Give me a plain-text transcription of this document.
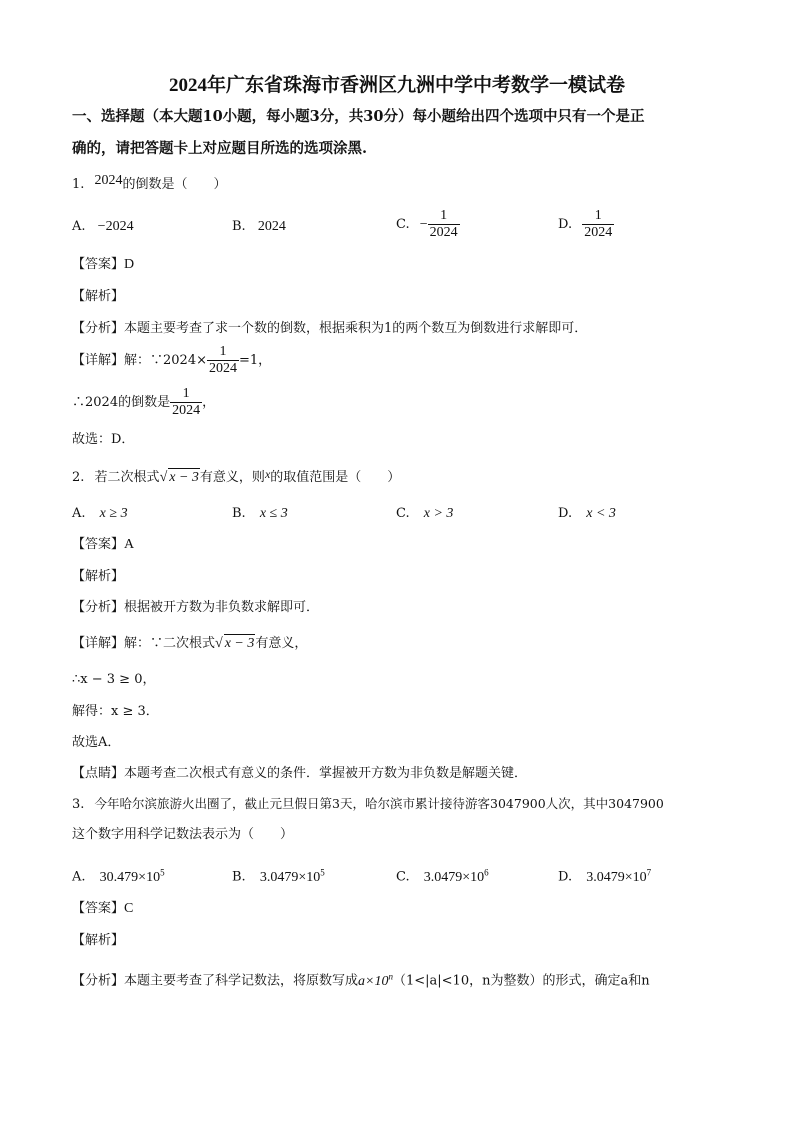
2024年广东省珠海市香洲区九洲中学中考数学一模试卷
一、选择题（本大题10小题，每小题3分，共30分）每小题给出四个选项中只有一个是正
确的，请把答题卡上对应题目所选的选项涂黑.
1. 2024的倒数是（　　）
A. −2024	B. 2024	C. − $\frac{1}{2024}$	D. $\frac{1}{2024}$
【答案】D
【解析】
【分析】本题主要考查了求一个数的倒数，根据乘积为1的两个数互为倒数进行求解即可．
【详解】解：∵2024× $\frac{1}{2024} =1$，
∴2024的倒数是 $\frac{1}{2024}$ ，
故选：D．
2. 若二次根式√ x − 3有意义，则x的取值范围是（　　）
A. x ≥ 3	B. x ≤ 3	C. x > 3	D. x < 3
【答案】A
【解析】
【分析】根据被开方数为非负数求解即可．
【详解】解：∵二次根式√ x − 3有意义，
∴x − 3 ≥ 0，
解得：x ≥ 3．
故选A．
【点睛】本题考查二次根式有意义的条件．掌握被开方数为非负数是解题关键．
3. 今年哈尔滨旅游火出圈了，截止元旦假日第3天，哈尔滨市累计接待游客3047900人次，其中3047900
这个数字用科学记数法表示为（　　）
A. $30.479\times 10^5$	B. $3.0479\times 10^5$	C. $3.0479\times 10^6$	D. $3.0479\times 10^7$
【答案】C
【解析】
【分析】本题主要考查了科学记数法，将原数写成$a\times 10^n(1<|a|<10$，n为整数）的形式，确定a和n
